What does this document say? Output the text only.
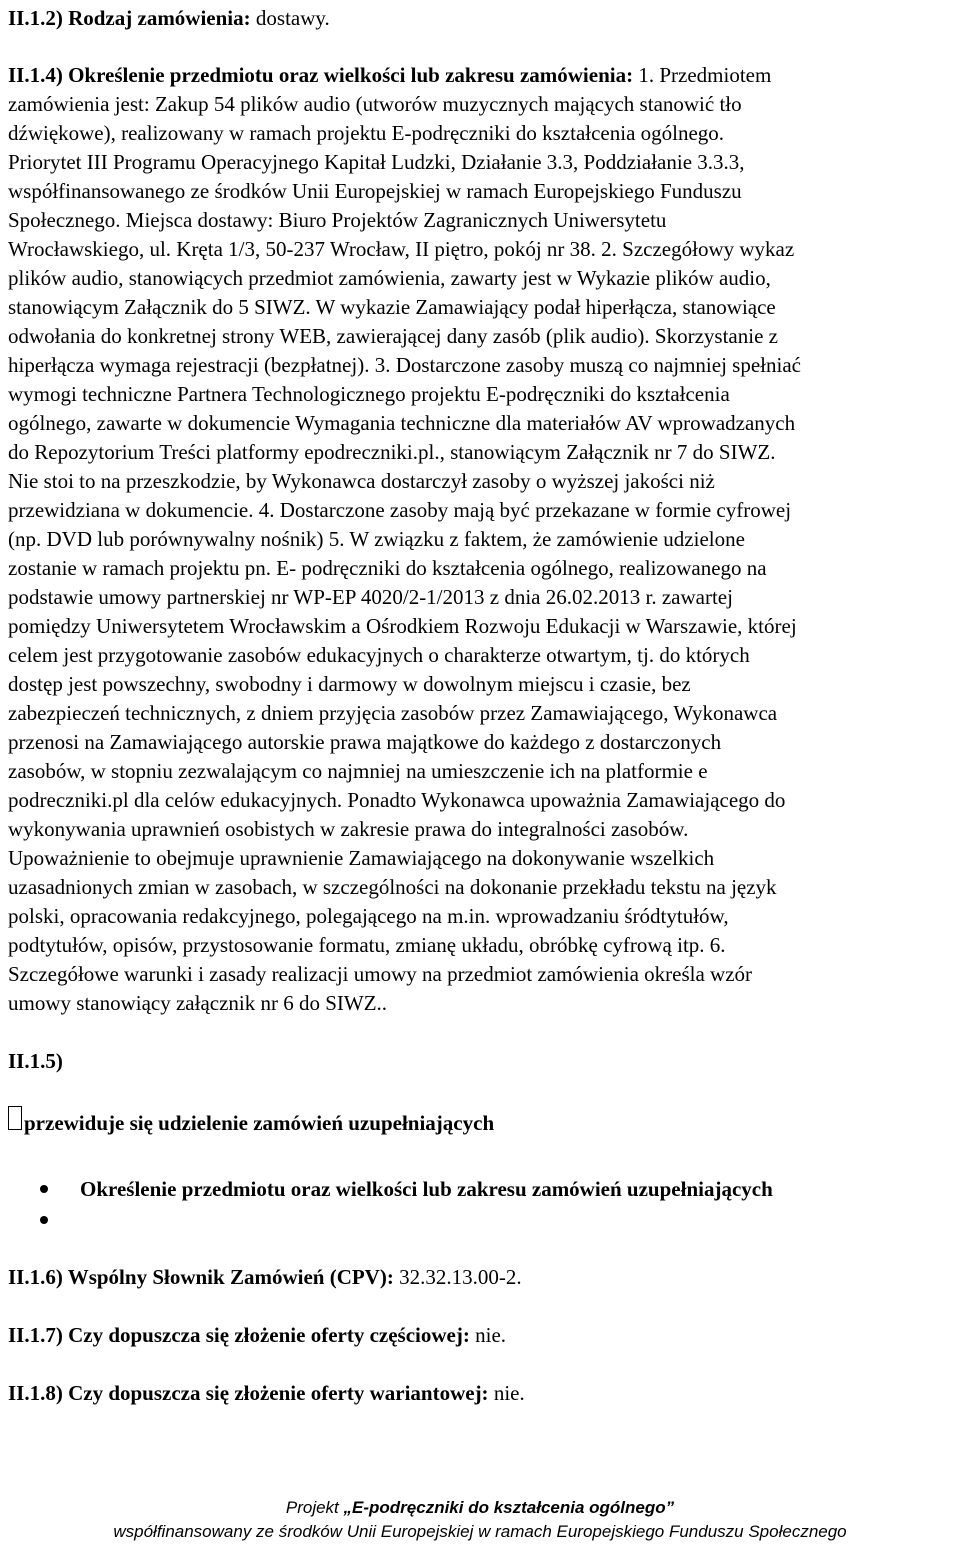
II.1.2) Rodzaj zamówienia: dostawy.
II.1.4) Określenie przedmiotu oraz wielkości lub zakresu zamówienia: 1. Przedmiotem
zamówienia jest: Zakup 54 plików audio (utworów muzycznych mających stanowić tło
dźwiękowe), realizowany w ramach projektu E-podręczniki do kształcenia ogólnego.
Priorytet III Programu Operacyjnego Kapitał Ludzki, Działanie 3.3, Poddziałanie 3.3.3,
współfinansowanego ze środków Unii Europejskiej w ramach Europejskiego Funduszu
Społecznego. Miejsca dostawy: Biuro Projektów Zagranicznych Uniwersytetu
Wrocławskiego, ul. Kręta 1/3, 50-237 Wrocław, II piętro, pokój nr 38. 2. Szczegółowy wykaz
plików audio, stanowiących przedmiot zamówienia, zawarty jest w Wykazie plików audio,
stanowiącym Załącznik do 5 SIWZ. W wykazie Zamawiający podał hiperłącza, stanowiące
odwołania do konkretnej strony WEB, zawierającej dany zasób (plik audio). Skorzystanie z
hiperłącza wymaga rejestracji (bezpłatnej). 3. Dostarczone zasoby muszą co najmniej spełniać
wymogi techniczne Partnera Technologicznego projektu E-podręczniki do kształcenia
ogólnego, zawarte w dokumencie Wymagania techniczne dla materiałów AV wprowadzanych
do Repozytorium Treści platformy epodreczniki.pl., stanowiącym Załącznik nr 7 do SIWZ.
Nie stoi to na przeszkodzie, by Wykonawca dostarczył zasoby o wyższej jakości niż
przewidziana w dokumencie. 4. Dostarczone zasoby mają być przekazane w formie cyfrowej
(np. DVD lub porównywalny nośnik) 5. W związku z faktem, że zamówienie udzielone
zostanie w ramach projektu pn. E- podręczniki do kształcenia ogólnego, realizowanego na
podstawie umowy partnerskiej nr WP-EP 4020/2-1/2013 z dnia 26.02.2013 r. zawartej
pomiędzy Uniwersytetem Wrocławskim a Ośrodkiem Rozwoju Edukacji w Warszawie, której
celem jest przygotowanie zasobów edukacyjnych o charakterze otwartym, tj. do których
dostęp jest powszechny, swobodny i darmowy w dowolnym miejscu i czasie, bez
zabezpieczeń technicznych, z dniem przyjęcia zasobów przez Zamawiającego, Wykonawca
przenosi na Zamawiającego autorskie prawa majątkowe do każdego z dostarczonych
zasobów, w stopniu zezwalającym co najmniej na umieszczenie ich na platformie e
podreczniki.pl dla celów edukacyjnych. Ponadto Wykonawca upoważnia Zamawiającego do
wykonywania uprawnień osobistych w zakresie prawa do integralności zasobów.
Upoważnienie to obejmuje uprawnienie Zamawiającego na dokonywanie wszelkich
uzasadnionych zmian w zasobach, w szczególności na dokonanie przekładu tekstu na język
polski, opracowania redakcyjnego, polegającego na m.in. wprowadzaniu śródtytułów,
podtytułów, opisów, przystosowanie formatu, zmianę układu, obróbkę cyfrową itp. 6.
Szczegółowe warunki i zasady realizacji umowy na przedmiot zamówienia określa wzór
umowy stanowiący załącznik nr 6 do SIWZ..
II.1.5)
przewiduje się udzielenie zamówień uzupełniających
Określenie przedmiotu oraz wielkości lub zakresu zamówień uzupełniających
II.1.6) Wspólny Słownik Zamówień (CPV): 32.32.13.00-2.
II.1.7) Czy dopuszcza się złożenie oferty częściowej: nie.
II.1.8) Czy dopuszcza się złożenie oferty wariantowej: nie.
Projekt „E-podręczniki do kształcenia ogólnego”
współfinansowany ze środków Unii Europejskiej w ramach Europejskiego Funduszu Społecznego
